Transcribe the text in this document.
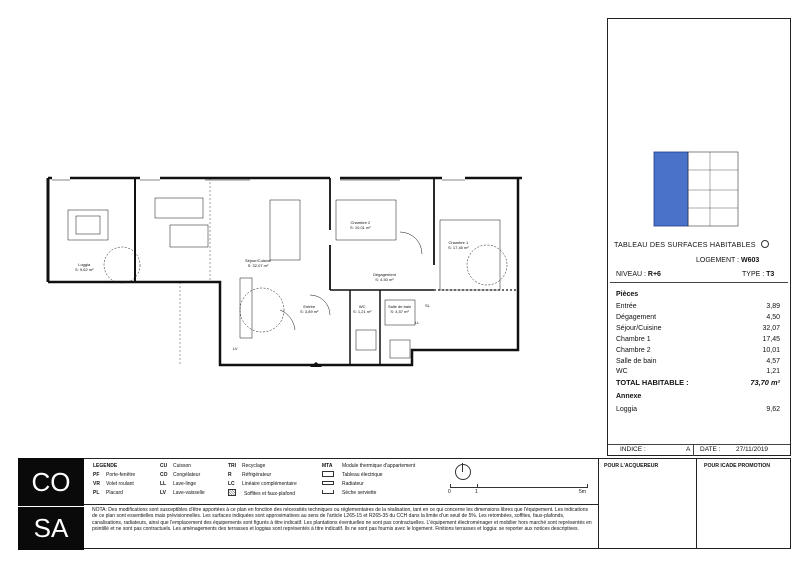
Loggia
S: 9,62 m²
Séjour/Cuisine
S: 32,07 m²
Chambre 2
S: 10,01 m²
Chambre 1
S: 17,45 m²
Dégagement
S: 4,50 m²
Entrée
S: 3,89 m²
WC
S: 1,21 m²
Salle de bain
S: 4,57 m²
LV
LL
SL
TABLEAU DES SURFACES HABITABLES
LOGEMENT : W603
NIVEAU : R+6	TYPE : T3
Pièces
Entrée	3,89
Dégagement	4,50
Séjour/Cuisine	32,07
Chambre 1	17,45
Chambre 2	10,01
Salle de bain	4,57
WC	1,21
TOTAL HABITABLE :	73,70 m²
Annexe
Loggia	9,62
INDICE :	A DATE : 27/11/2019
CO
SA
LEGENDE
PF Porte-fenêtre
VR Volet roulant
PL Placard
CU Cuisson
CO Congélateur
LL Lave-linge
LV Lave-vaisselle
TRI Recyclage
R Réfrigérateur
LC Linéaire complémentaire
Soffites et faux-plafond
MTA Module thermique d'appartement
Tableau électrique
Radiateur
Sèche serviette	0	1	5m
NOTA: Des modifications sont susceptibles d'être apportées à ce plan en fonction des nécessités techniques ou réglementaires de la réalisation, tant en ce qui concerne les dimensions libres que l'équipement. Les indications de ce plan sont essentielles mais prévisionnelles. Les surfaces indiquées sont approximatives au sens de l'article L265-15 et R265-35 du CCH dans la limite d'un seuil de 5%. Les retombées, soffites, faux-plafonds, canalisations, radiateurs, ainsi que l'emplacement des équipements sont figurés à titre indicatif. Les plantations éventuelles ne sont pas contractuelles. L'équipement électroménager et mobilier hors marché sont représentés en pointillé et ne sont pas contractuels. Les aménagements des terrasses et loggias sont représentés à titre indicatif. Ils ne sont pas fournis avec le logement. Finitions terrasses et loggia: se reporter aux notices descriptives.
POUR L'ACQUEREUR	POUR ICADE PROMOTION
